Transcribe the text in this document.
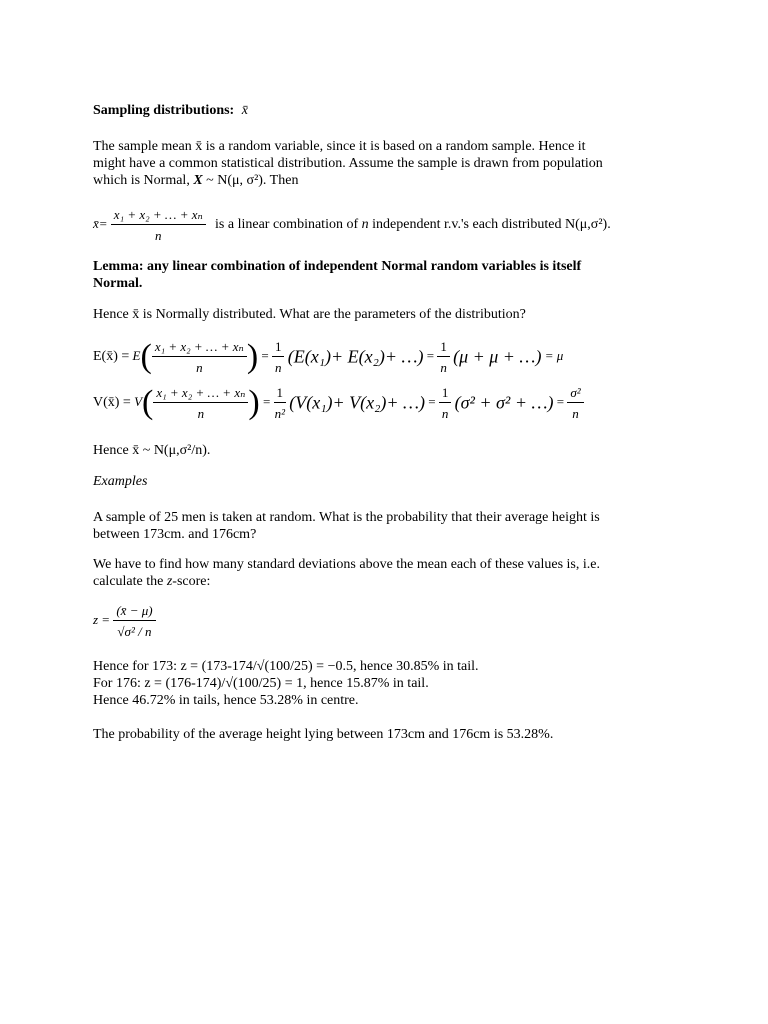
Sampling distributions: x̄
The sample mean x̄ is a random variable, since it is based on a random sample. Hence it
might have a common statistical distribution. Assume the sample is drawn from population
which is Normal, X ~ N(μ, σ²). Then
x̄= $\frac{\text{x₁ + x₂ + … + xₙ}}{n}$ is a linear combination of n independent r.v.'s each distributed N(μ,σ²).
Lemma: any linear combination of independent Normal random variables is itself
Normal.
Hence x̄ is Normally distributed. What are the parameters of the distribution?
E(x̄) = $E( \frac{\text{x₁ + x₂ + … + xₙ}}{n}$ ) = $\frac{1}{n} (E(x_1)+ E(x_2)+$ …) = $\frac{1}{n} (\mu + \mu$ + …) = μ
V(x̄) = $V( \frac{\text{x₁ + x₂ + … + xₙ}}{n}$ ) = $\frac{1}{\text{n²}} (V(x_1)+ V(x_2)+$ …) = $\frac{1}{n} (\sigma^2 + \sigma^2$ + …) = $\frac{\text{σ²}}{n}$
Hence x̄ ~ N(μ,σ²/n).
Examples
A sample of 25 men is taken at random. What is the probability that their average height is
between 173cm. and 176cm?
We have to find how many standard deviations above the mean each of these values is, i.e.
calculate the z-score:
$z = \frac{(x̄ - \mu)}{\text{√σ² / n}}$
Hence for 173: z = (173-174/√(100/25) = −0.5, hence 30.85% in tail.
For 176: z = (176-174)/√(100/25) = 1, hence 15.87% in tail.
Hence 46.72% in tails, hence 53.28% in centre.
The probability of the average height lying between 173cm and 176cm is 53.28%.
